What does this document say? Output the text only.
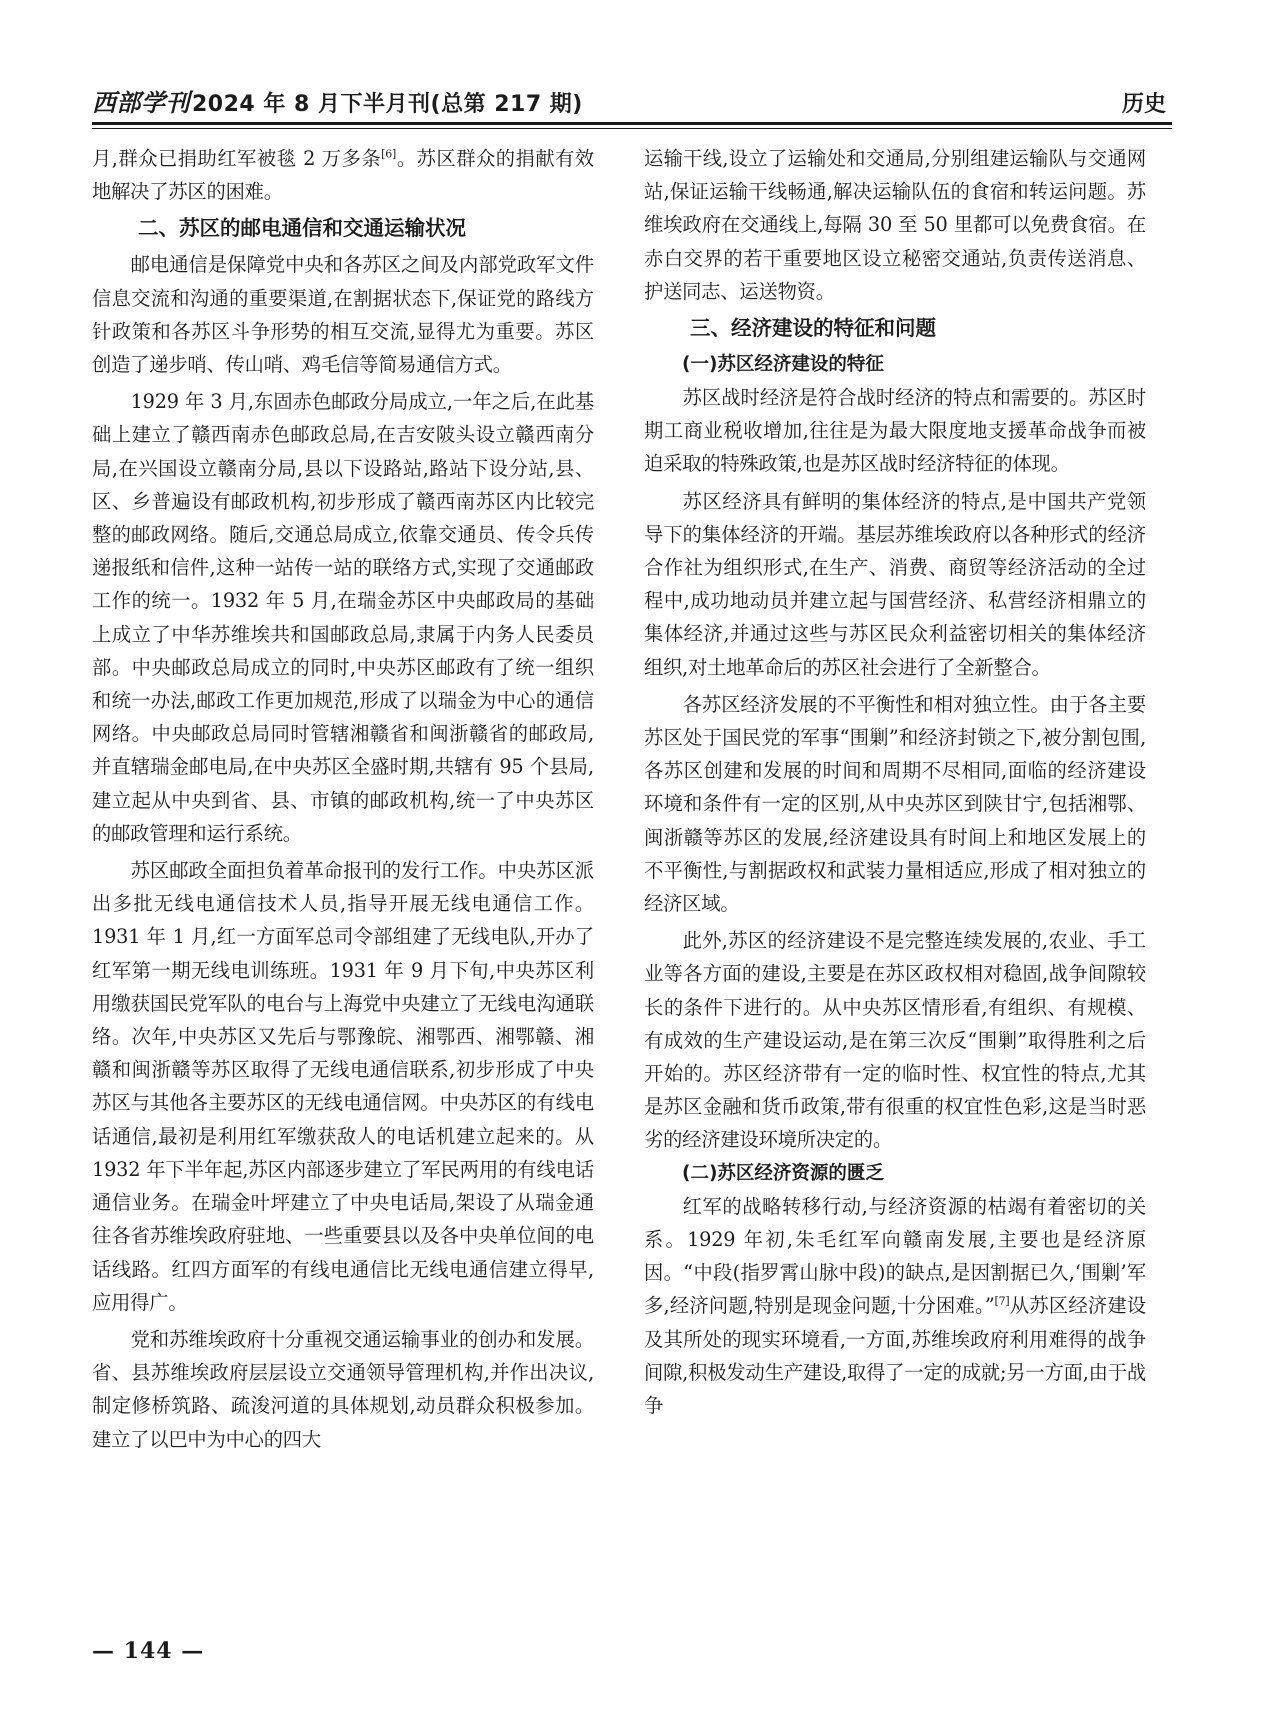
西部学刊2024 年 8 月下半月刊(总第 217 期)	历史

月,群众已捐助红军被毯 2 万多条[6]。苏区群众的捐献有效地解决了苏区的困难。

二、苏区的邮电通信和交通运输状况

邮电通信是保障党中央和各苏区之间及内部党政军文件信息交流和沟通的重要渠道,在割据状态下,保证党的路线方针政策和各苏区斗争形势的相互交流,显得尤为重要。苏区创造了递步哨、传山哨、鸡毛信等简易通信方式。

1929 年 3 月,东固赤色邮政分局成立,一年之后,在此基础上建立了赣西南赤色邮政总局,在吉安陂头设立赣西南分局,在兴国设立赣南分局,县以下设路站,路站下设分站,县、区、乡普遍设有邮政机构,初步形成了赣西南苏区内比较完整的邮政网络。随后,交通总局成立,依靠交通员、传令兵传递报纸和信件,这种一站传一站的联络方式,实现了交通邮政工作的统一。1932 年 5 月,在瑞金苏区中央邮政局的基础上成立了中华苏维埃共和国邮政总局,隶属于内务人民委员部。中央邮政总局成立的同时,中央苏区邮政有了统一组织和统一办法,邮政工作更加规范,形成了以瑞金为中心的通信网络。中央邮政总局同时管辖湘赣省和闽浙赣省的邮政局,并直辖瑞金邮电局,在中央苏区全盛时期,共辖有 95 个县局,建立起从中央到省、县、市镇的邮政机构,统一了中央苏区的邮政管理和运行系统。

苏区邮政全面担负着革命报刊的发行工作。中央苏区派出多批无线电通信技术人员,指导开展无线电通信工作。1931 年 1 月,红一方面军总司令部组建了无线电队,开办了红军第一期无线电训练班。1931 年 9 月下旬,中央苏区利用缴获国民党军队的电台与上海党中央建立了无线电沟通联络。次年,中央苏区又先后与鄂豫皖、湘鄂西、湘鄂赣、湘赣和闽浙赣等苏区取得了无线电通信联系,初步形成了中央苏区与其他各主要苏区的无线电通信网。中央苏区的有线电话通信,最初是利用红军缴获敌人的电话机建立起来的。从 1932 年下半年起,苏区内部逐步建立了军民两用的有线电话通信业务。在瑞金叶坪建立了中央电话局,架设了从瑞金通往各省苏维埃政府驻地、一些重要县以及各中央单位间的电话线路。红四方面军的有线电通信比无线电通信建立得早,应用得广。

党和苏维埃政府十分重视交通运输事业的创办和发展。省、县苏维埃政府层层设立交通领导管理机构,并作出决议,制定修桥筑路、疏浚河道的具体规划,动员群众积极参加。建立了以巴中为中心的四大

运输干线,设立了运输处和交通局,分别组建运输队与交通网站,保证运输干线畅通,解决运输队伍的食宿和转运问题。苏维埃政府在交通线上,每隔 30 至 50 里都可以免费食宿。在赤白交界的若干重要地区设立秘密交通站,负责传送消息、护送同志、运送物资。

三、经济建设的特征和问题
(一)苏区经济建设的特征

苏区战时经济是符合战时经济的特点和需要的。苏区时期工商业税收增加,往往是为最大限度地支援革命战争而被迫采取的特殊政策,也是苏区战时经济特征的体现。

苏区经济具有鲜明的集体经济的特点,是中国共产党领导下的集体经济的开端。基层苏维埃政府以各种形式的经济合作社为组织形式,在生产、消费、商贸等经济活动的全过程中,成功地动员并建立起与国营经济、私营经济相鼎立的集体经济,并通过这些与苏区民众利益密切相关的集体经济组织,对土地革命后的苏区社会进行了全新整合。

各苏区经济发展的不平衡性和相对独立性。由于各主要苏区处于国民党的军事“围剿”和经济封锁之下,被分割包围,各苏区创建和发展的时间和周期不尽相同,面临的经济建设环境和条件有一定的区别,从中央苏区到陕甘宁,包括湘鄂、闽浙赣等苏区的发展,经济建设具有时间上和地区发展上的不平衡性,与割据政权和武装力量相适应,形成了相对独立的经济区域。

此外,苏区的经济建设不是完整连续发展的,农业、手工业等各方面的建设,主要是在苏区政权相对稳固,战争间隙较长的条件下进行的。从中央苏区情形看,有组织、有规模、有成效的生产建设运动,是在第三次反“围剿”取得胜利之后开始的。苏区经济带有一定的临时性、权宜性的特点,尤其是苏区金融和货币政策,带有很重的权宜性色彩,这是当时恶劣的经济建设环境所决定的。

(二)苏区经济资源的匮乏

红军的战略转移行动,与经济资源的枯竭有着密切的关系。1929 年初,朱毛红军向赣南发展,主要也是经济原因。“中段(指罗霄山脉中段)的缺点,是因割据已久,‘围剿’军多,经济问题,特别是现金问题,十分困难。”[7]从苏区经济建设及其所处的现实环境看,一方面,苏维埃政府利用难得的战争间隙,积极发动生产建设,取得了一定的成就;另一方面,由于战争

— 144 —
